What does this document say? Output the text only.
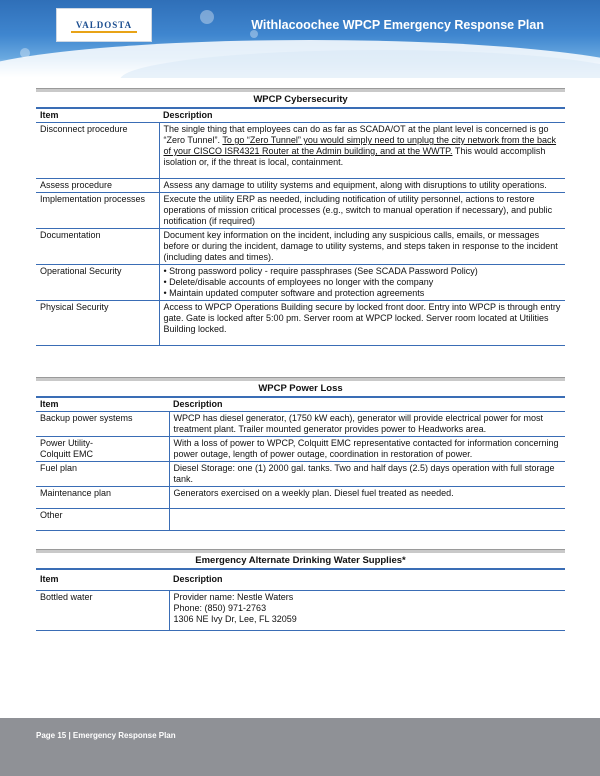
VALDOSTA	Withlacoochee WPCP Emergency Response Plan
WPCP Cybersecurity
Item	Description
Disconnect procedure	The single thing that employees can do as far as SCADA/OT at the plant level is concerned is go “Zero Tunnel”. To go “Zero Tunnel” you would simply need to unplug the city network from the back of your CISCO ISR4321 Router at the Admin building, and at the WWTP. This would accomplish isolation or, if the threat is local, containment.
Assess procedure	Assess any damage to utility systems and equipment, along with disruptions to utility operations.
Implementation processes	Execute the utility ERP as needed, including notification of utility personnel, actions to restore operations of mission critical processes (e.g., switch to manual operation if necessary), and public notification (if required)
Documentation	Document key information on the incident, including any suspicious calls, emails, or messages before or during the incident, damage to utility systems, and steps taken in response to the incident (including dates and times).
Operational Security	• Strong password policy - require passphrases (See SCADA Password Policy)
• Delete/disable accounts of employees no longer with the company
• Maintain updated computer software and protection agreements

Physical Security	Access to WPCP Operations Building secure by locked front door. Entry into WPCP is through entry gate. Gate is locked after 5:00 pm. Server room at WPCP locked. Server room located at Utilities Building locked.
WPCP Power Loss
Item	Description
Backup power systems	WPCP has diesel generator, (1750 kW each), generator will provide electrical power for most treatment plant. Trailer mounted generator provides power to Headworks area.
Power Utility-
Colquitt EMC	With a loss of power to WPCP, Colquitt EMC representative contacted for information concerning power outage, length of power outage, coordination in restoration of power.
Fuel plan	Diesel Storage: one (1) 2000 gal. tanks. Two and half days (2.5) days operation with full storage tank.
Maintenance plan	Generators exercised on a weekly plan. Diesel fuel treated as needed.
Other	
Emergency Alternate Drinking Water Supplies*
Item	Description
Bottled water	Provider name: Nestle Waters
Phone: (850) 971-2763
1306 NE Ivy Dr, Lee, FL 32059
Page 15 | Emergency Response Plan
